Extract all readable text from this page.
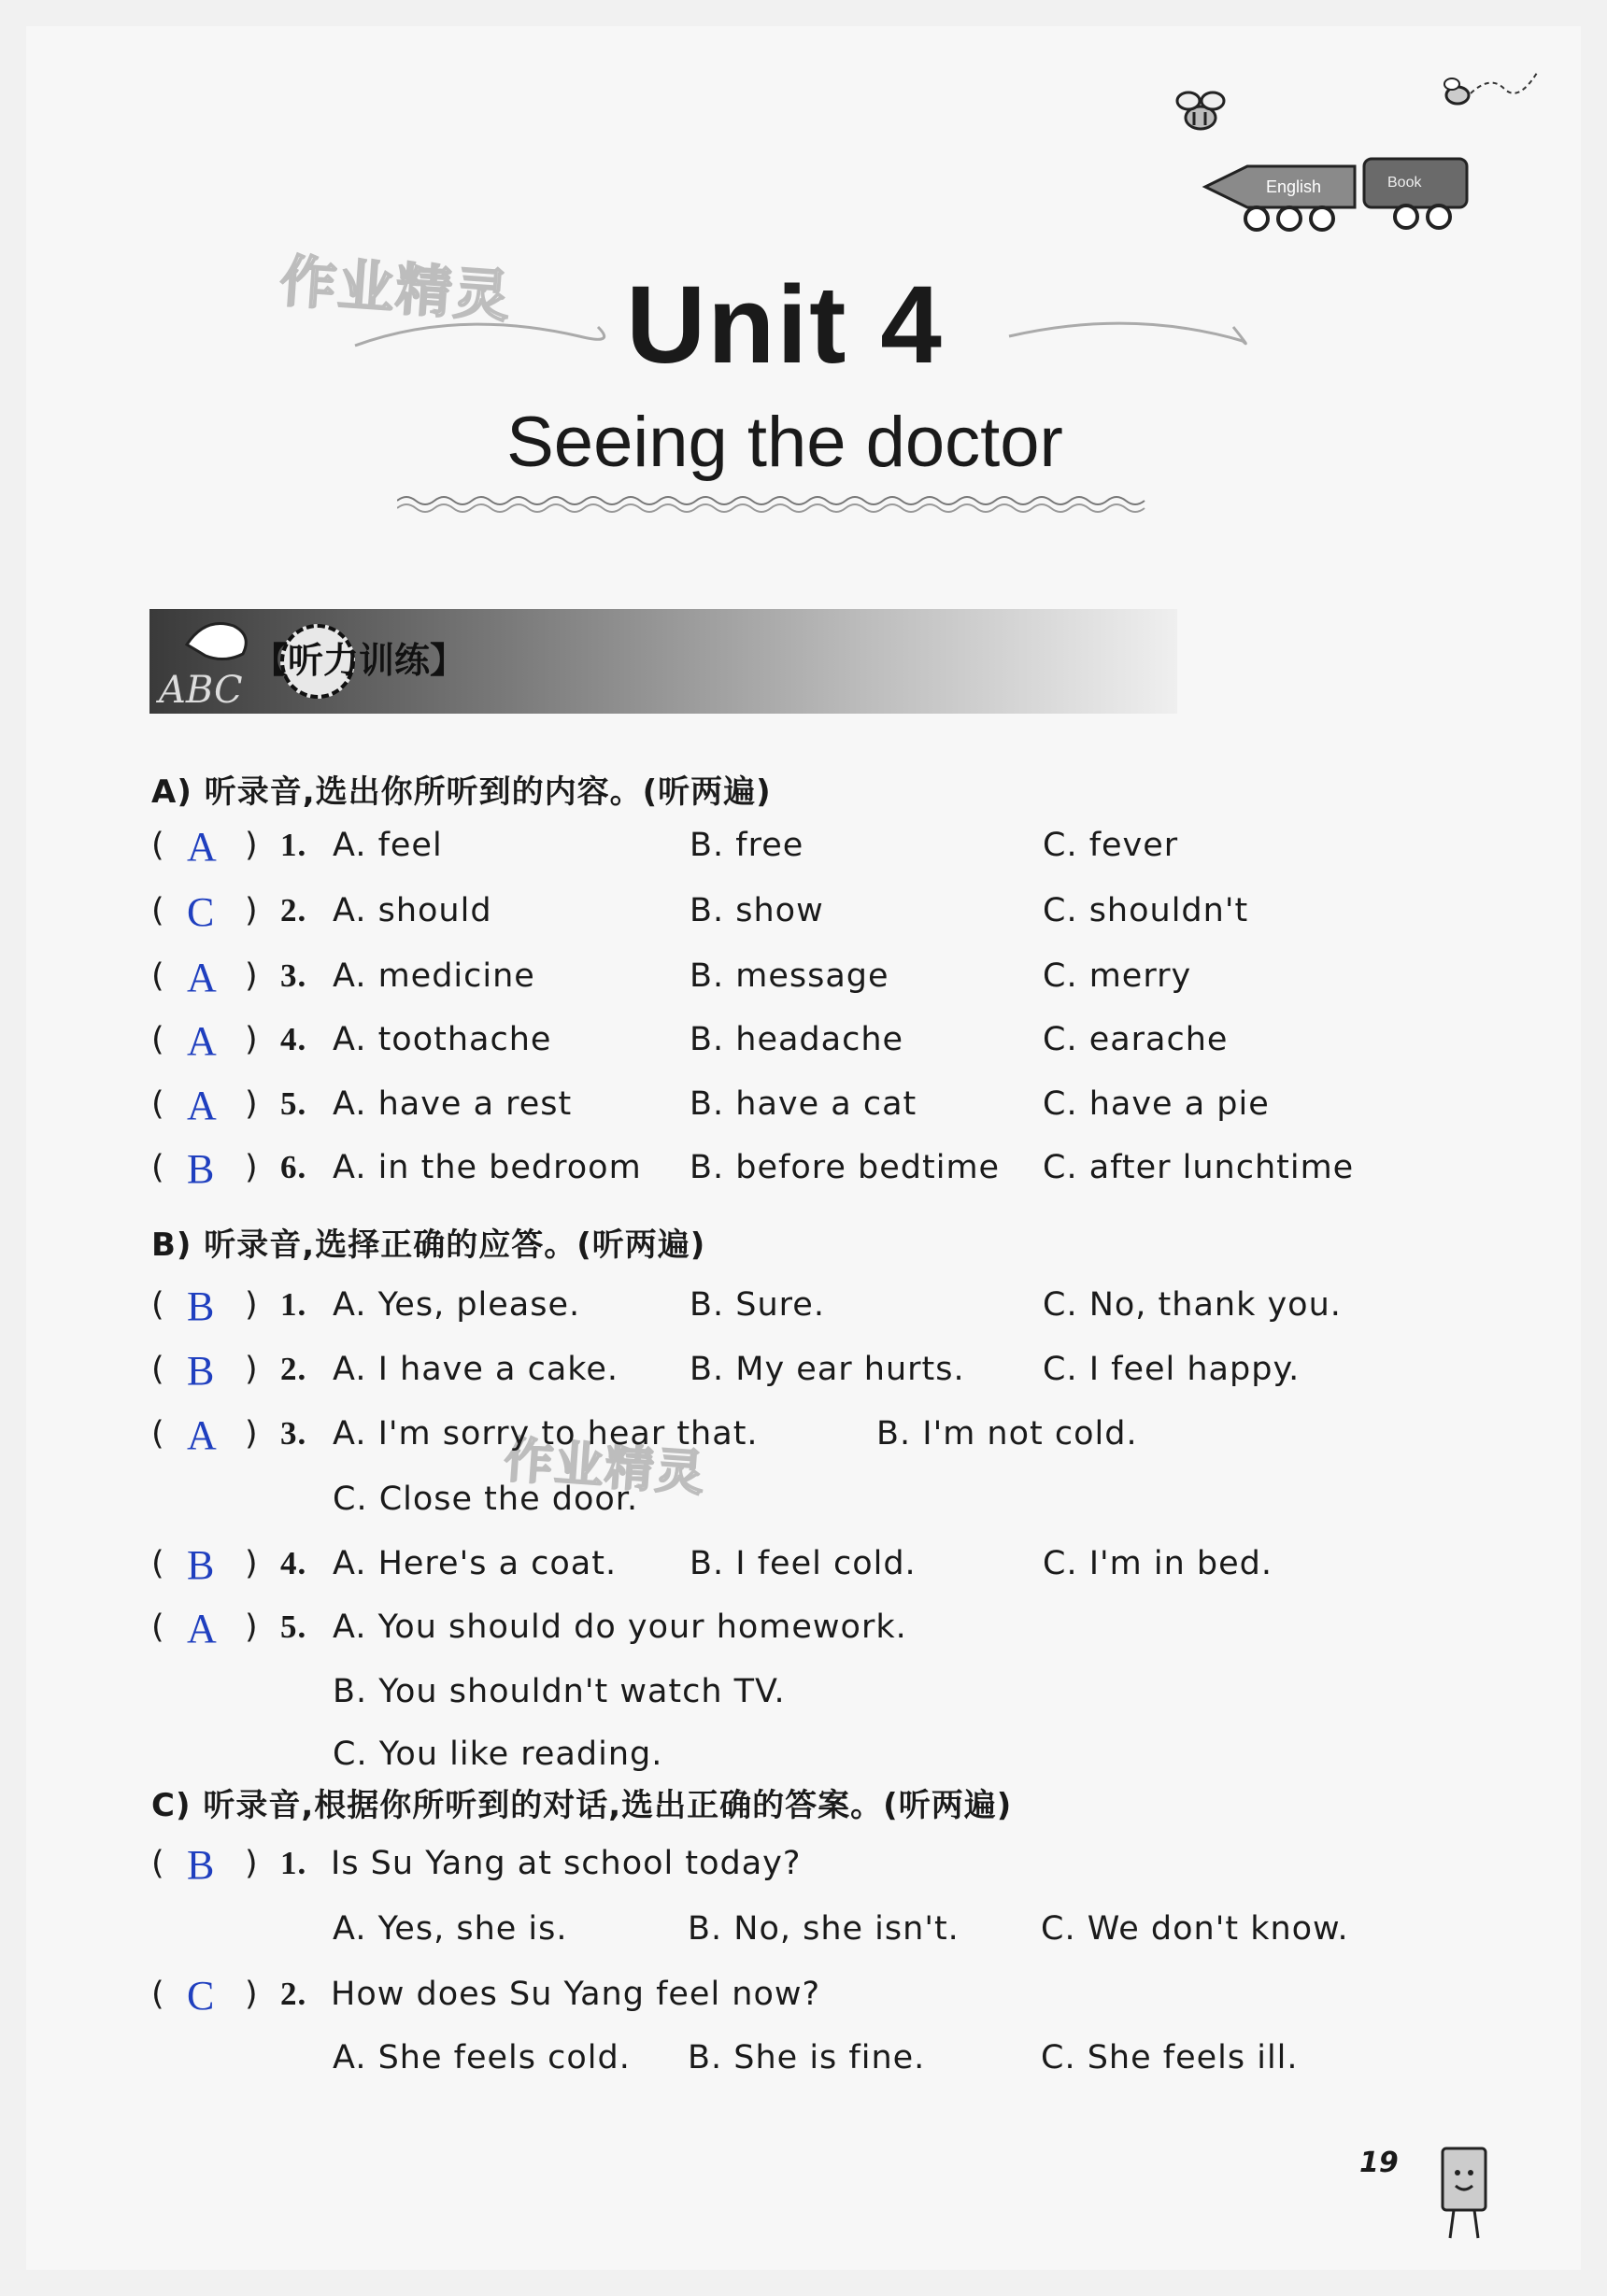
English	Book
作业精灵
作业精灵
Unit 4
Seeing the doctor
ABC
【听力训练】
A) 听录音,选出你所听到的内容。(听两遍)
B) 听录音,选择正确的应答。(听两遍)
C) 听录音,根据你所听到的对话,选出正确的答案。(听两遍)
( A ) 1. A. feel	B. free	C. fever
( C ) 2. A. should	B. show	C. shouldn't
( A ) 3. A. medicine	B. message	C. merry
( A ) 4. A. toothache	B. headache	C. earache
( A ) 5. A. have a rest	B. have a cat	C. have a pie
( B ) 6. A. in the bedroom B. before bedtime C. after lunchtime
( B ) 1. A. Yes, please.	B. Sure.	C. No, thank you.
( B ) 2. A. I have a cake. B. My ear hurts. C. I feel happy.
( A ) 3. A. I'm sorry to hear that.	B. I'm not cold.
C. Close the door.
( B ) 4. A. Here's a coat. B. I feel cold.	C. I'm in bed.
( A ) 5. A. You should do your homework.
B. You shouldn't watch TV.
C. You like reading.
( B ) 1. Is Su Yang at school today?
A. Yes, she is.	B. No, she isn't. C. We don't know.
( C ) 2. How does Su Yang feel now?
A. She feels cold. B. She is fine.	C. She feels ill.
19
